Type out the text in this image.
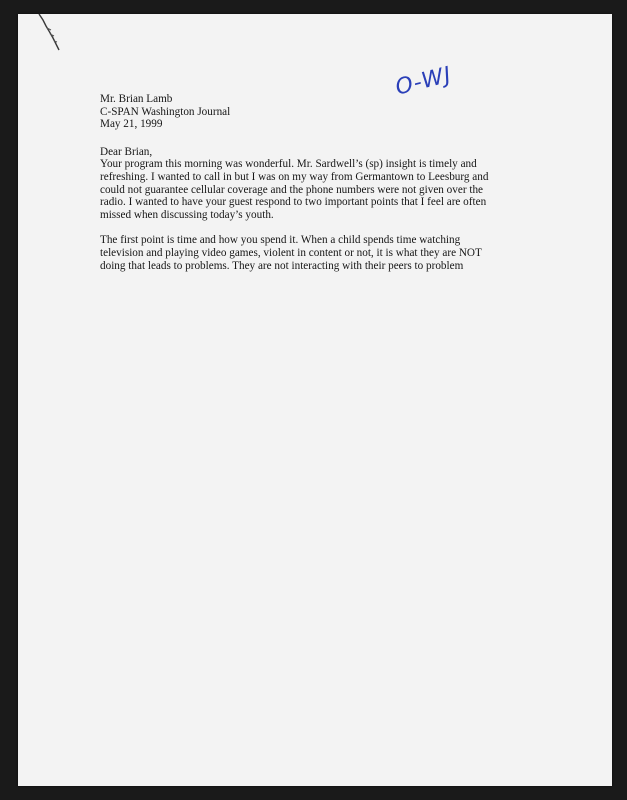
O-WJ
Mr. Brian Lamb
C-SPAN Washington Journal
May 21, 1999
Dear Brian,
Your program this morning was wonderful. Mr. Sardwell’s (sp) insight is timely and
refreshing. I wanted to call in but I was on my way from Germantown to Leesburg and
could not guarantee cellular coverage and the phone numbers were not given over the
radio. I wanted to have your guest respond to two important points that I feel are often
missed when discussing today’s youth.
The first point is time and how you spend it. When a child spends time watching
television and playing video games, violent in content or not, it is what they are NOT
doing that leads to problems. They are not interacting with their peers to problem
